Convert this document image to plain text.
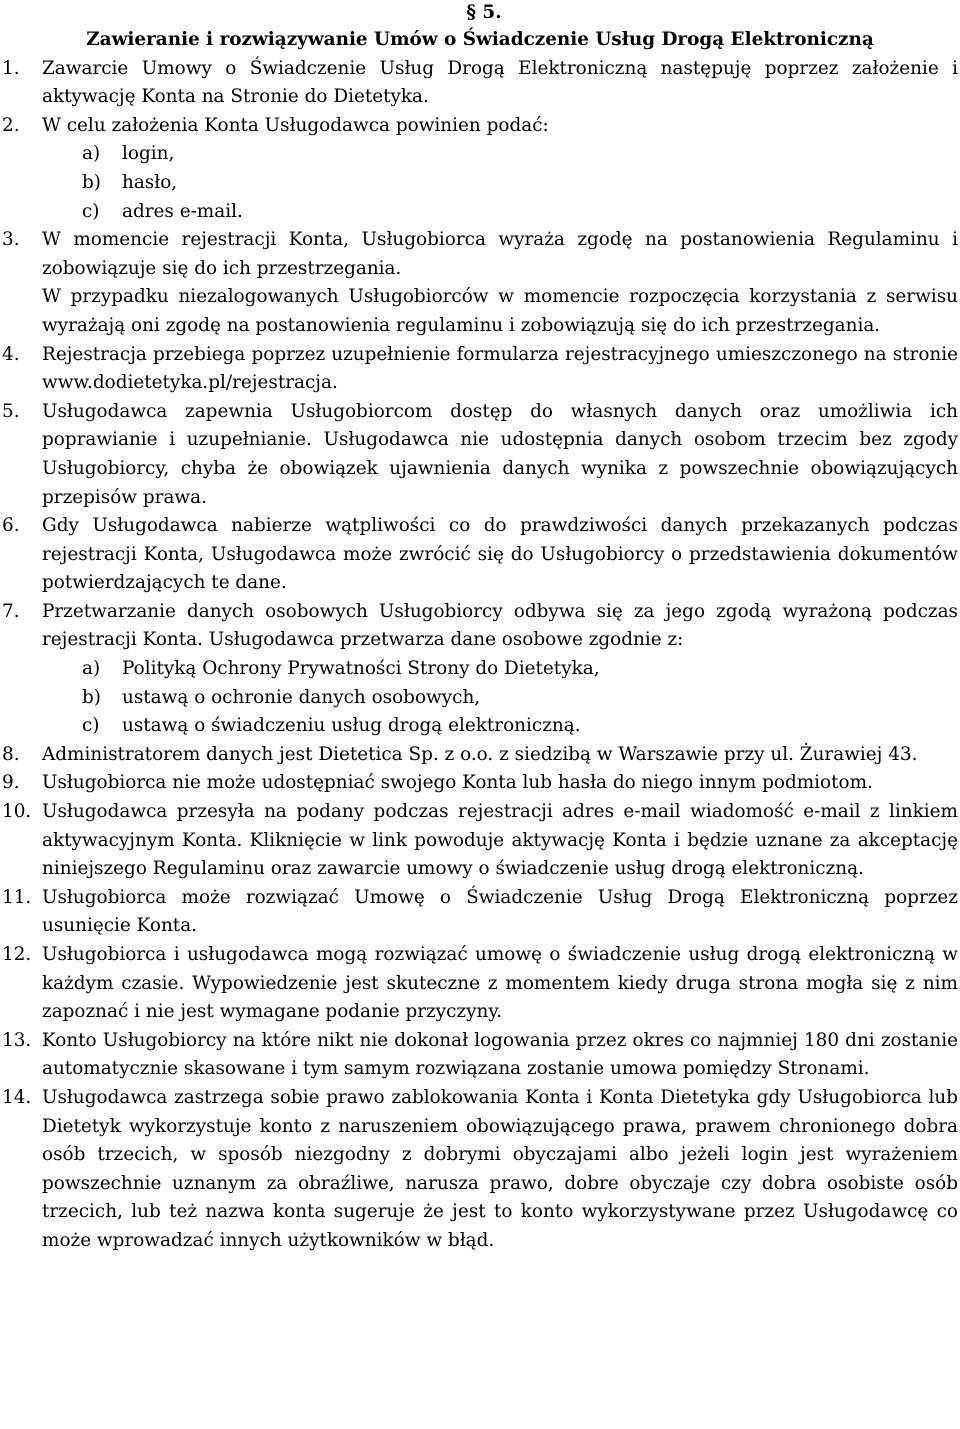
§ 5.

Zawieranie i rozwiązywanie Umów o Świadczenie Usług Drogą Elektroniczną

1.	Zawarcie Umowy o Świadczenie Usług Drogą Elektroniczną następuję poprzez założenie i aktywację Konta na Stronie do Dietetyka.

2.	W celu założenia Konta Usługodawca powinien podać:

a) login,
b) hasło,
c) adres e-mail.
3.	W momencie rejestracji Konta, Usługobiorca wyraża zgodę na postanowienia Regulaminu i zobowiązuje się do ich przestrzegania.

W przypadku niezalogowanych Usługobiorców w momencie rozpoczęcia korzystania z serwisu wyrażają oni zgodę na postanowienia regulaminu i zobowiązują się do ich przestrzegania.

4.	Rejestracja przebiega poprzez uzupełnienie formularza rejestracyjnego umieszczonego na stronie www.dodietetyka.pl/rejestracja.

5.	Usługodawca zapewnia Usługobiorcom dostęp do własnych danych oraz umożliwia ich poprawianie i uzupełnianie. Usługodawca nie udostępnia danych osobom trzecim bez zgody Usługobiorcy, chyba że obowiązek ujawnienia danych wynika z powszechnie obowiązujących przepisów prawa.

6.	Gdy Usługodawca nabierze wątpliwości co do prawdziwości danych przekazanych podczas rejestracji Konta, Usługodawca może zwrócić się do Usługobiorcy o przedstawienia dokumentów potwierdzających te dane.

7.	Przetwarzanie danych osobowych Usługobiorcy odbywa się za jego zgodą wyrażoną podczas rejestracji Konta. Usługodawca przetwarza dane osobowe zgodnie z:

a) Polityką Ochrony Prywatności Strony do Dietetyka,
b) ustawą o ochronie danych osobowych,
c) ustawą o świadczeniu usług drogą elektroniczną.
8.	Administratorem danych jest Dietetica Sp. z o.o. z siedzibą w Warszawie przy ul. Żurawiej 43.

9.	Usługobiorca nie może udostępniać swojego Konta lub hasła do niego innym podmiotom.

10. Usługodawca przesyła na podany podczas rejestracji adres e-mail wiadomość e-mail z linkiem aktywacyjnym Konta. Kliknięcie w link powoduje aktywację Konta i będzie uznane za akceptację niniejszego Regulaminu oraz zawarcie umowy o świadczenie usług drogą elektroniczną.

11. Usługobiorca może rozwiązać Umowę o Świadczenie Usług Drogą Elektroniczną poprzez usunięcie Konta.

12. Usługobiorca i usługodawca mogą rozwiązać umowę o świadczenie usług drogą elektroniczną w każdym czasie. Wypowiedzenie jest skuteczne z momentem kiedy druga strona mogła się z nim zapoznać i nie jest wymagane podanie przyczyny.

13. Konto Usługobiorcy na które nikt nie dokonał logowania przez okres co najmniej 180 dni zostanie automatycznie skasowane i tym samym rozwiązana zostanie umowa pomiędzy Stronami.

14. Usługodawca zastrzega sobie prawo zablokowania Konta i Konta Dietetyka gdy Usługobiorca lub Dietetyk wykorzystuje konto z naruszeniem obowiązującego prawa, prawem chronionego dobra osób trzecich, w sposób niezgodny z dobrymi obyczajami albo jeżeli login jest wyrażeniem powszechnie uznanym za obraźliwe, narusza prawo, dobre obyczaje czy dobra osobiste osób trzecich, lub też nazwa konta sugeruje że jest to konto wykorzystywane przez Usługodawcę co może wprowadzać innych użytkowników w błąd.
